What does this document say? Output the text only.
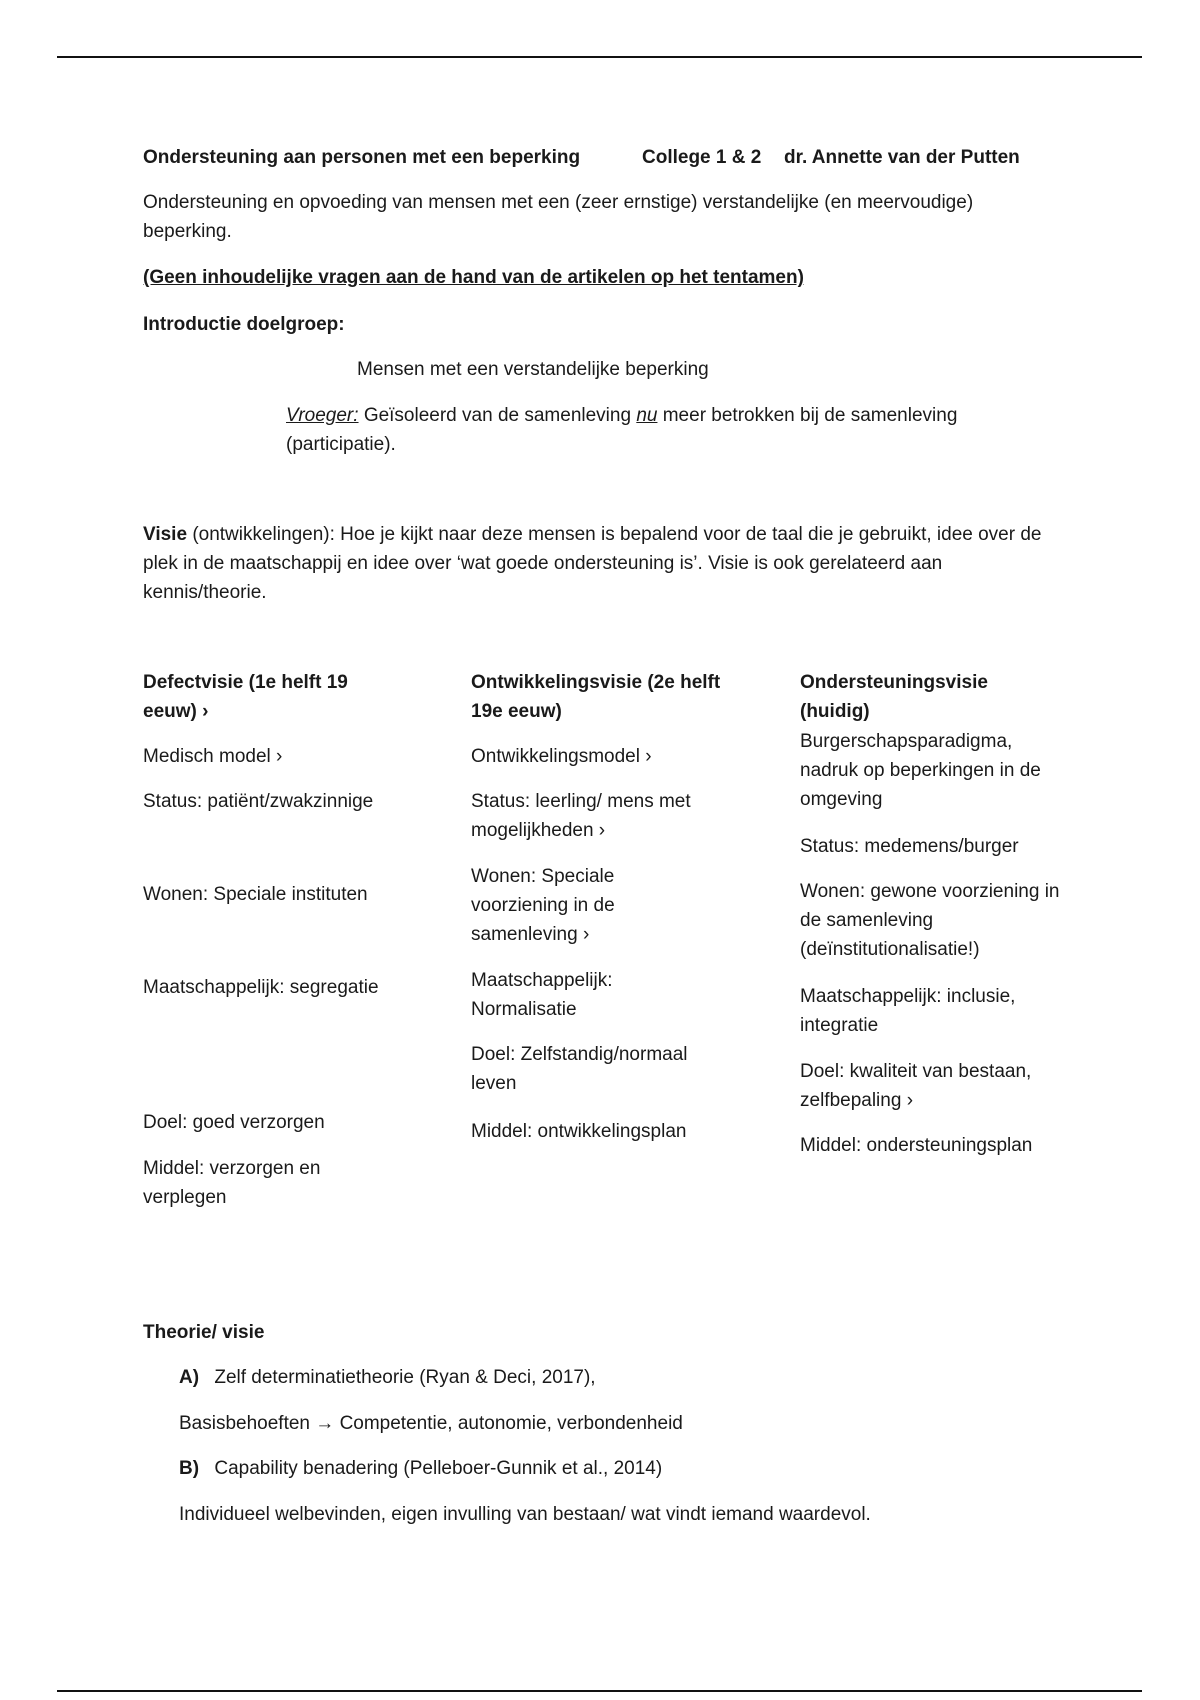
Ondersteuning aan personen met een beperking	College 1 & 2 dr. Annette van der Putten
Ondersteuning en opvoeding van mensen met een (zeer ernstige) verstandelijke (en meervoudige) beperking.
(Geen inhoudelijke vragen aan de hand van de artikelen op het tentamen)
Introductie doelgroep:
Mensen met een verstandelijke beperking
Vroeger: Geïsoleerd van de samenleving nu meer betrokken bij de samenleving (participatie).
Visie (ontwikkelingen): Hoe je kijkt naar deze mensen is bepalend voor de taal die je gebruikt, idee over de plek in de maatschappij en idee over ‘wat goede ondersteuning is’. Visie is ook gerelateerd aan kennis/theorie.
Defectvisie (1e helft 19 eeuw) ›
Medisch model ›
Status: patiënt/zwakzinnige
Wonen: Speciale instituten
Maatschappelijk: segregatie
Doel: goed verzorgen
Middel: verzorgen en verplegen
Ontwikkelingsvisie (2e helft 19e eeuw)
Ontwikkelingsmodel ›
Status: leerling/ mens met mogelijkheden ›
Wonen: Speciale voorziening in de samenleving ›
Maatschappelijk: Normalisatie
Doel: Zelfstandig/normaal leven
Middel: ontwikkelingsplan
Ondersteuningsvisie (huidig)
Burgerschapsparadigma, nadruk op beperkingen in de omgeving
Status: medemens/burger
Wonen: gewone voorziening in de samenleving (deïnstitutionalisatie!)
Maatschappelijk: inclusie, integratie
Doel: kwaliteit van bestaan, zelfbepaling ›
Middel: ondersteuningsplan
Theorie/ visie
A) Zelf determinatietheorie (Ryan & Deci, 2017),
Basisbehoeften → Competentie, autonomie, verbondenheid
B) Capability benadering (Pelleboer-Gunnik et al., 2014)
Individueel welbevinden, eigen invulling van bestaan/ wat vindt iemand waardevol.
